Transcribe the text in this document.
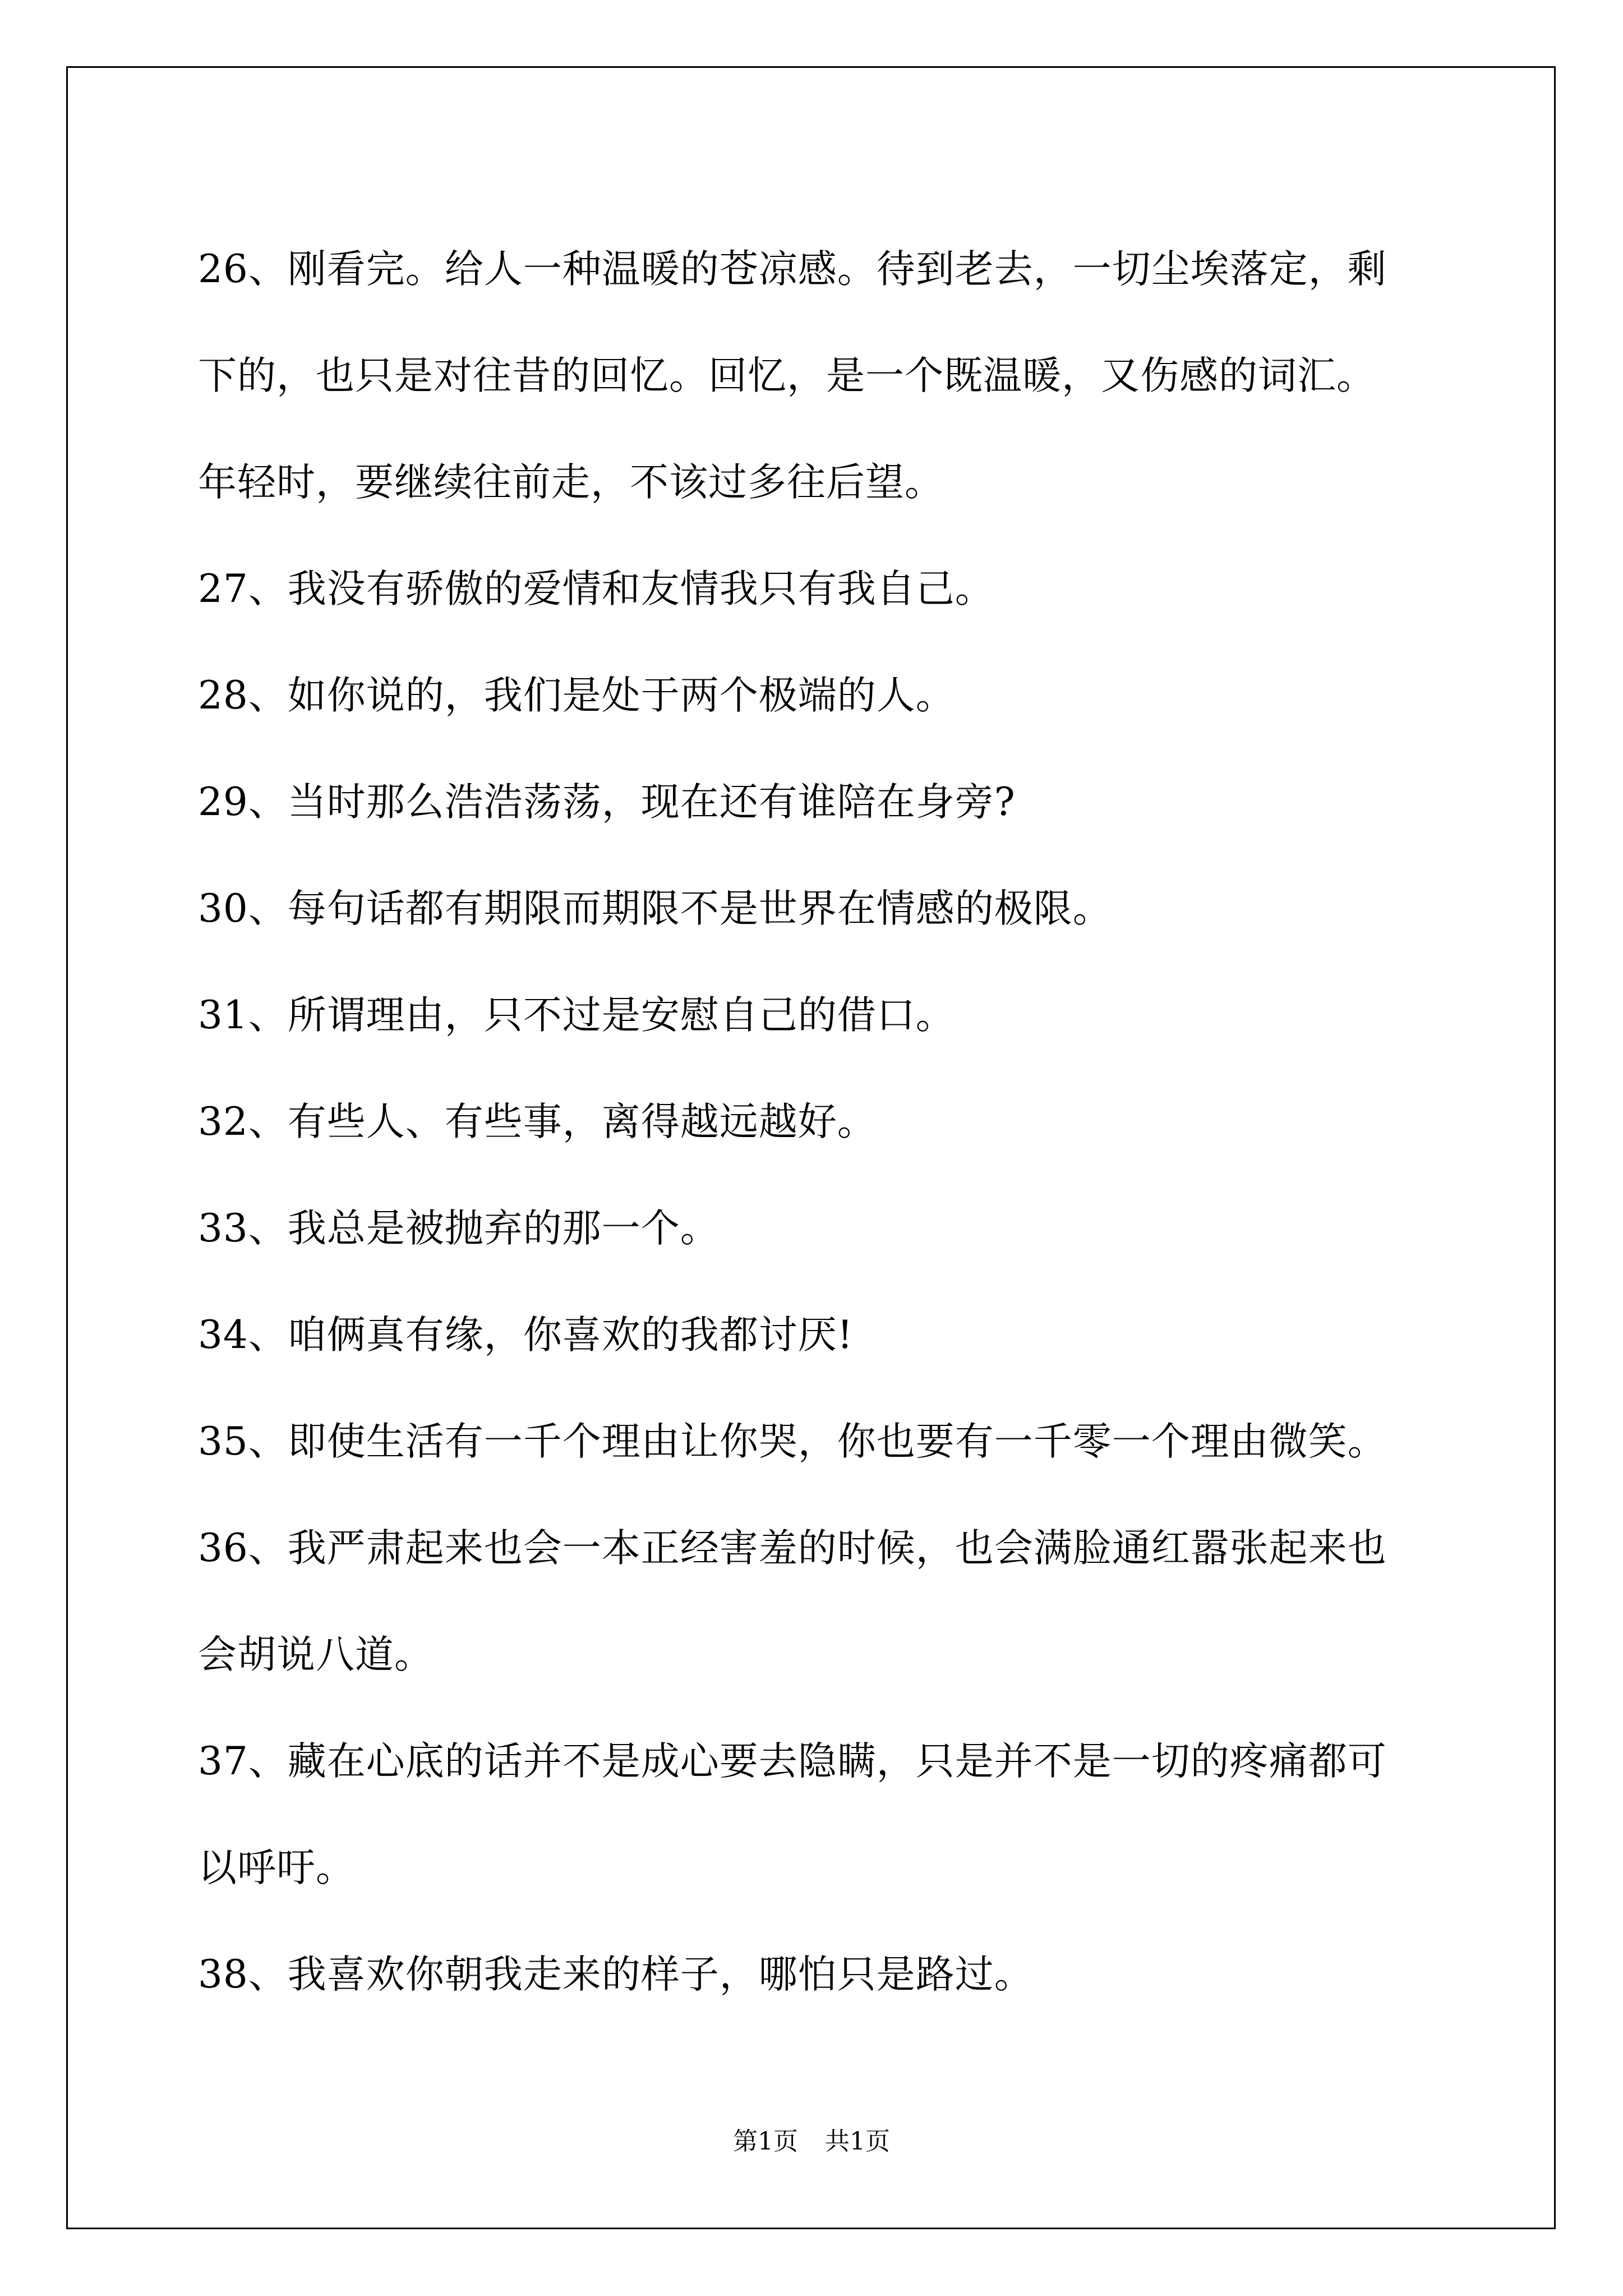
26、刚看完。给人一种温暖的苍凉感。待到老去，一切尘埃落定，剩
下的，也只是对往昔的回忆。回忆，是一个既温暖，又伤感的词汇。
年轻时，要继续往前走，不该过多往后望。
27、我没有骄傲的爱情和友情我只有我自己。
28、如你说的，我们是处于两个极端的人。
29、当时那么浩浩荡荡，现在还有谁陪在身旁?
30、每句话都有期限而期限不是世界在情感的极限。
31、所谓理由，只不过是安慰自己的借口。
32、有些人、有些事，离得越远越好。
33、我总是被抛弃的那一个。
34、咱俩真有缘，你喜欢的我都讨厌!
35、即使生活有一千个理由让你哭，你也要有一千零一个理由微笑。
36、我严肃起来也会一本正经害羞的时候，也会满脸通红嚣张起来也
会胡说八道。
37、藏在心底的话并不是成心要去隐瞒，只是并不是一切的疼痛都可
以呼吁。
38、我喜欢你朝我走来的样子，哪怕只是路过。
第1页 共1页
